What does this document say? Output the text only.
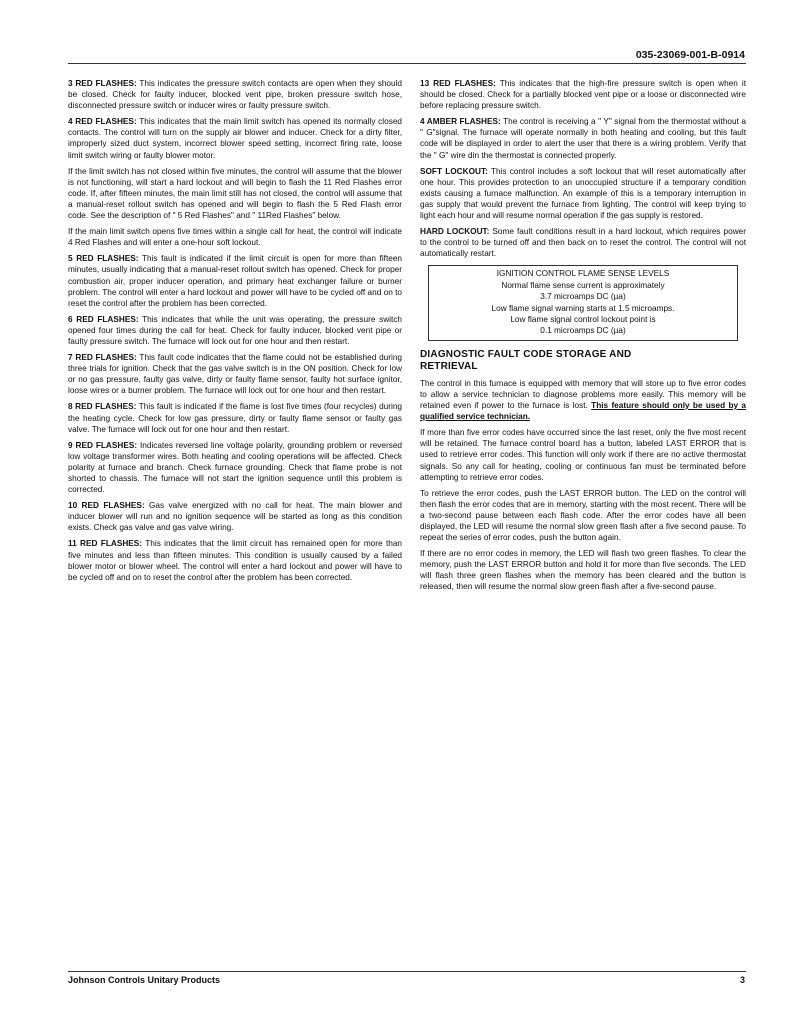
035-23069-001-B-0914

3 RED FLASHES: This indicates the pressure switch contacts are open when they should be closed. Check for faulty inducer, blocked vent pipe, broken pressure switch hose, disconnected pressure switch or inducer wires or faulty pressure switch.

4 RED FLASHES: This indicates that the main limit switch has opened its normally closed contacts. The control will turn on the supply air blower and inducer. Check for a dirty filter, improperly sized duct system, incorrect blower speed setting, incorrect firing rate, loose limit switch wiring or faulty blower motor.

If the limit switch has not closed within five minutes, the control will assume that the blower is not functioning, will start a hard lockout and will begin to flash the 11 Red Flashes error code. If, after fifteen minutes, the main limit still has not closed, the control will assume that a manual-reset rollout switch has opened and will begin to flash the 5 Red Flash error code. See the description of " 5 Red Flashes" and " 11Red Flashes" below.

If the main limit switch opens five times within a single call for heat, the control will indicate 4 Red Flashes and will enter a one-hour soft lockout.

5 RED FLASHES: This fault is indicated if the limit circuit is open for more than fifteen minutes, usually indicating that a manual-reset rollout switch has opened. Check for proper combustion air, proper inducer operation, and primary heat exchanger failure or burner problem. The control will enter a hard lockout and power will have to be cycled off and on to reset the control after the problem has been corrected.

6 RED FLASHES: This indicates that while the unit was operating, the pressure switch opened four times during the call for heat. Check for faulty inducer, blocked vent pipe or faulty pressure switch. The furnace will lock out for one hour and then restart.

7 RED FLASHES: This fault code indicates that the flame could not be established during three trials for ignition. Check that the gas valve switch is in the ON position. Check for low or no gas pressure, faulty gas valve, dirty or faulty flame sensor, faulty hot surface ignitor, loose wires or a burner problem. The furnace will lock out for one hour and then restart.

8 RED FLASHES: This fault is indicated if the flame is lost five times (four recycles) during the heating cycle. Check for low gas pressure, dirty or faulty flame sensor or faulty gas valve. The furnace will lock out for one hour and then restart.

9 RED FLASHES: Indicates reversed line voltage polarity, grounding problem or reversed low voltage transformer wires. Both heating and cooling operations will be affected. Check polarity at furnace and branch. Check furnace grounding. Check that flame probe is not shorted to chassis. The furnace will not start the ignition sequence until this problem is corrected.

10 RED FLASHES: Gas valve energized with no call for heat. The main blower and inducer blower will run and no ignition sequence will be started as long as this condition exists. Check gas valve and gas valve wiring.

11 RED FLASHES: This indicates that the limit circuit has remained open for more than five minutes and less than fifteen minutes. This condition is usually caused by a failed blower motor or blower wheel. The control will enter a hard lockout and power will have to be cycled off and on to reset the control after the problem has been corrected.

13 RED FLASHES: This indicates that the high-fire pressure switch is open when it should be closed. Check for a partially blocked vent pipe or a loose or disconnected wire before replacing pressure switch.

4 AMBER FLASHES: The control is receiving a " Y" signal from the thermostat without a " G"signal. The furnace will operate normally in both heating and cooling, but this fault code will be displayed in order to alert the user that there is a wiring problem. Verify that the " G" wire din the thermostat is connected properly.

SOFT LOCKOUT: This control includes a soft lockout that will reset automatically after one hour. This provides protection to an unoccupied structure if a temporary condition exists causing a furnace malfunction. An example of this is a temporary interruption in gas supply that would prevent the furnace from lighting. The control will keep trying to light each hour and will resume normal operation if the gas supply is restored.

HARD LOCKOUT: Some fault conditions result in a hard lockout, which requires power to the control to be turned off and then back on to reset the control. The control will not automatically restart.

IGNITION CONTROL FLAME SENSE LEVELS
Normal flame sense current is approximately
3.7 microamps DC (µa)
Low flame signal warning starts at 1.5 microamps.
Low flame signal control lockout point is
0.1 microamps DC (µa)
DIAGNOSTIC FAULT CODE STORAGE AND
RETRIEVAL

The control in this furnace is equipped with memory that will store up to five error codes to allow a service technician to diagnose problems more easily. This memory will be retained even if power to the furnace is lost. This feature should only be used by a qualified service technician.

If more than five error codes have occurred since the last reset, only the five most recent will be retained. The furnace control board has a button, labeled LAST ERROR that is used to retrieve error codes. This function will only work if there are no active thermostat signals. So any call for heating, cooling or continuous fan must be terminated before attempting to retrieve error codes.

To retrieve the error codes, push the LAST ERROR button. The LED on the control will then flash the error codes that are in memory, starting with the most recent. There will be a two-second pause between each flash code. After the error codes have all been displayed, the LED will resume the normal slow green flash after a five second pause. To repeat the series of error codes, push the button again.

If there are no error codes in memory, the LED will flash two green flashes. To clear the memory, push the LAST ERROR button and hold it for more than five seconds. The LED will flash three green flashes when the memory has been cleared and the button is released, then will resume the normal slow green flash after a five-second pause.

Johnson Controls Unitary Products	3
